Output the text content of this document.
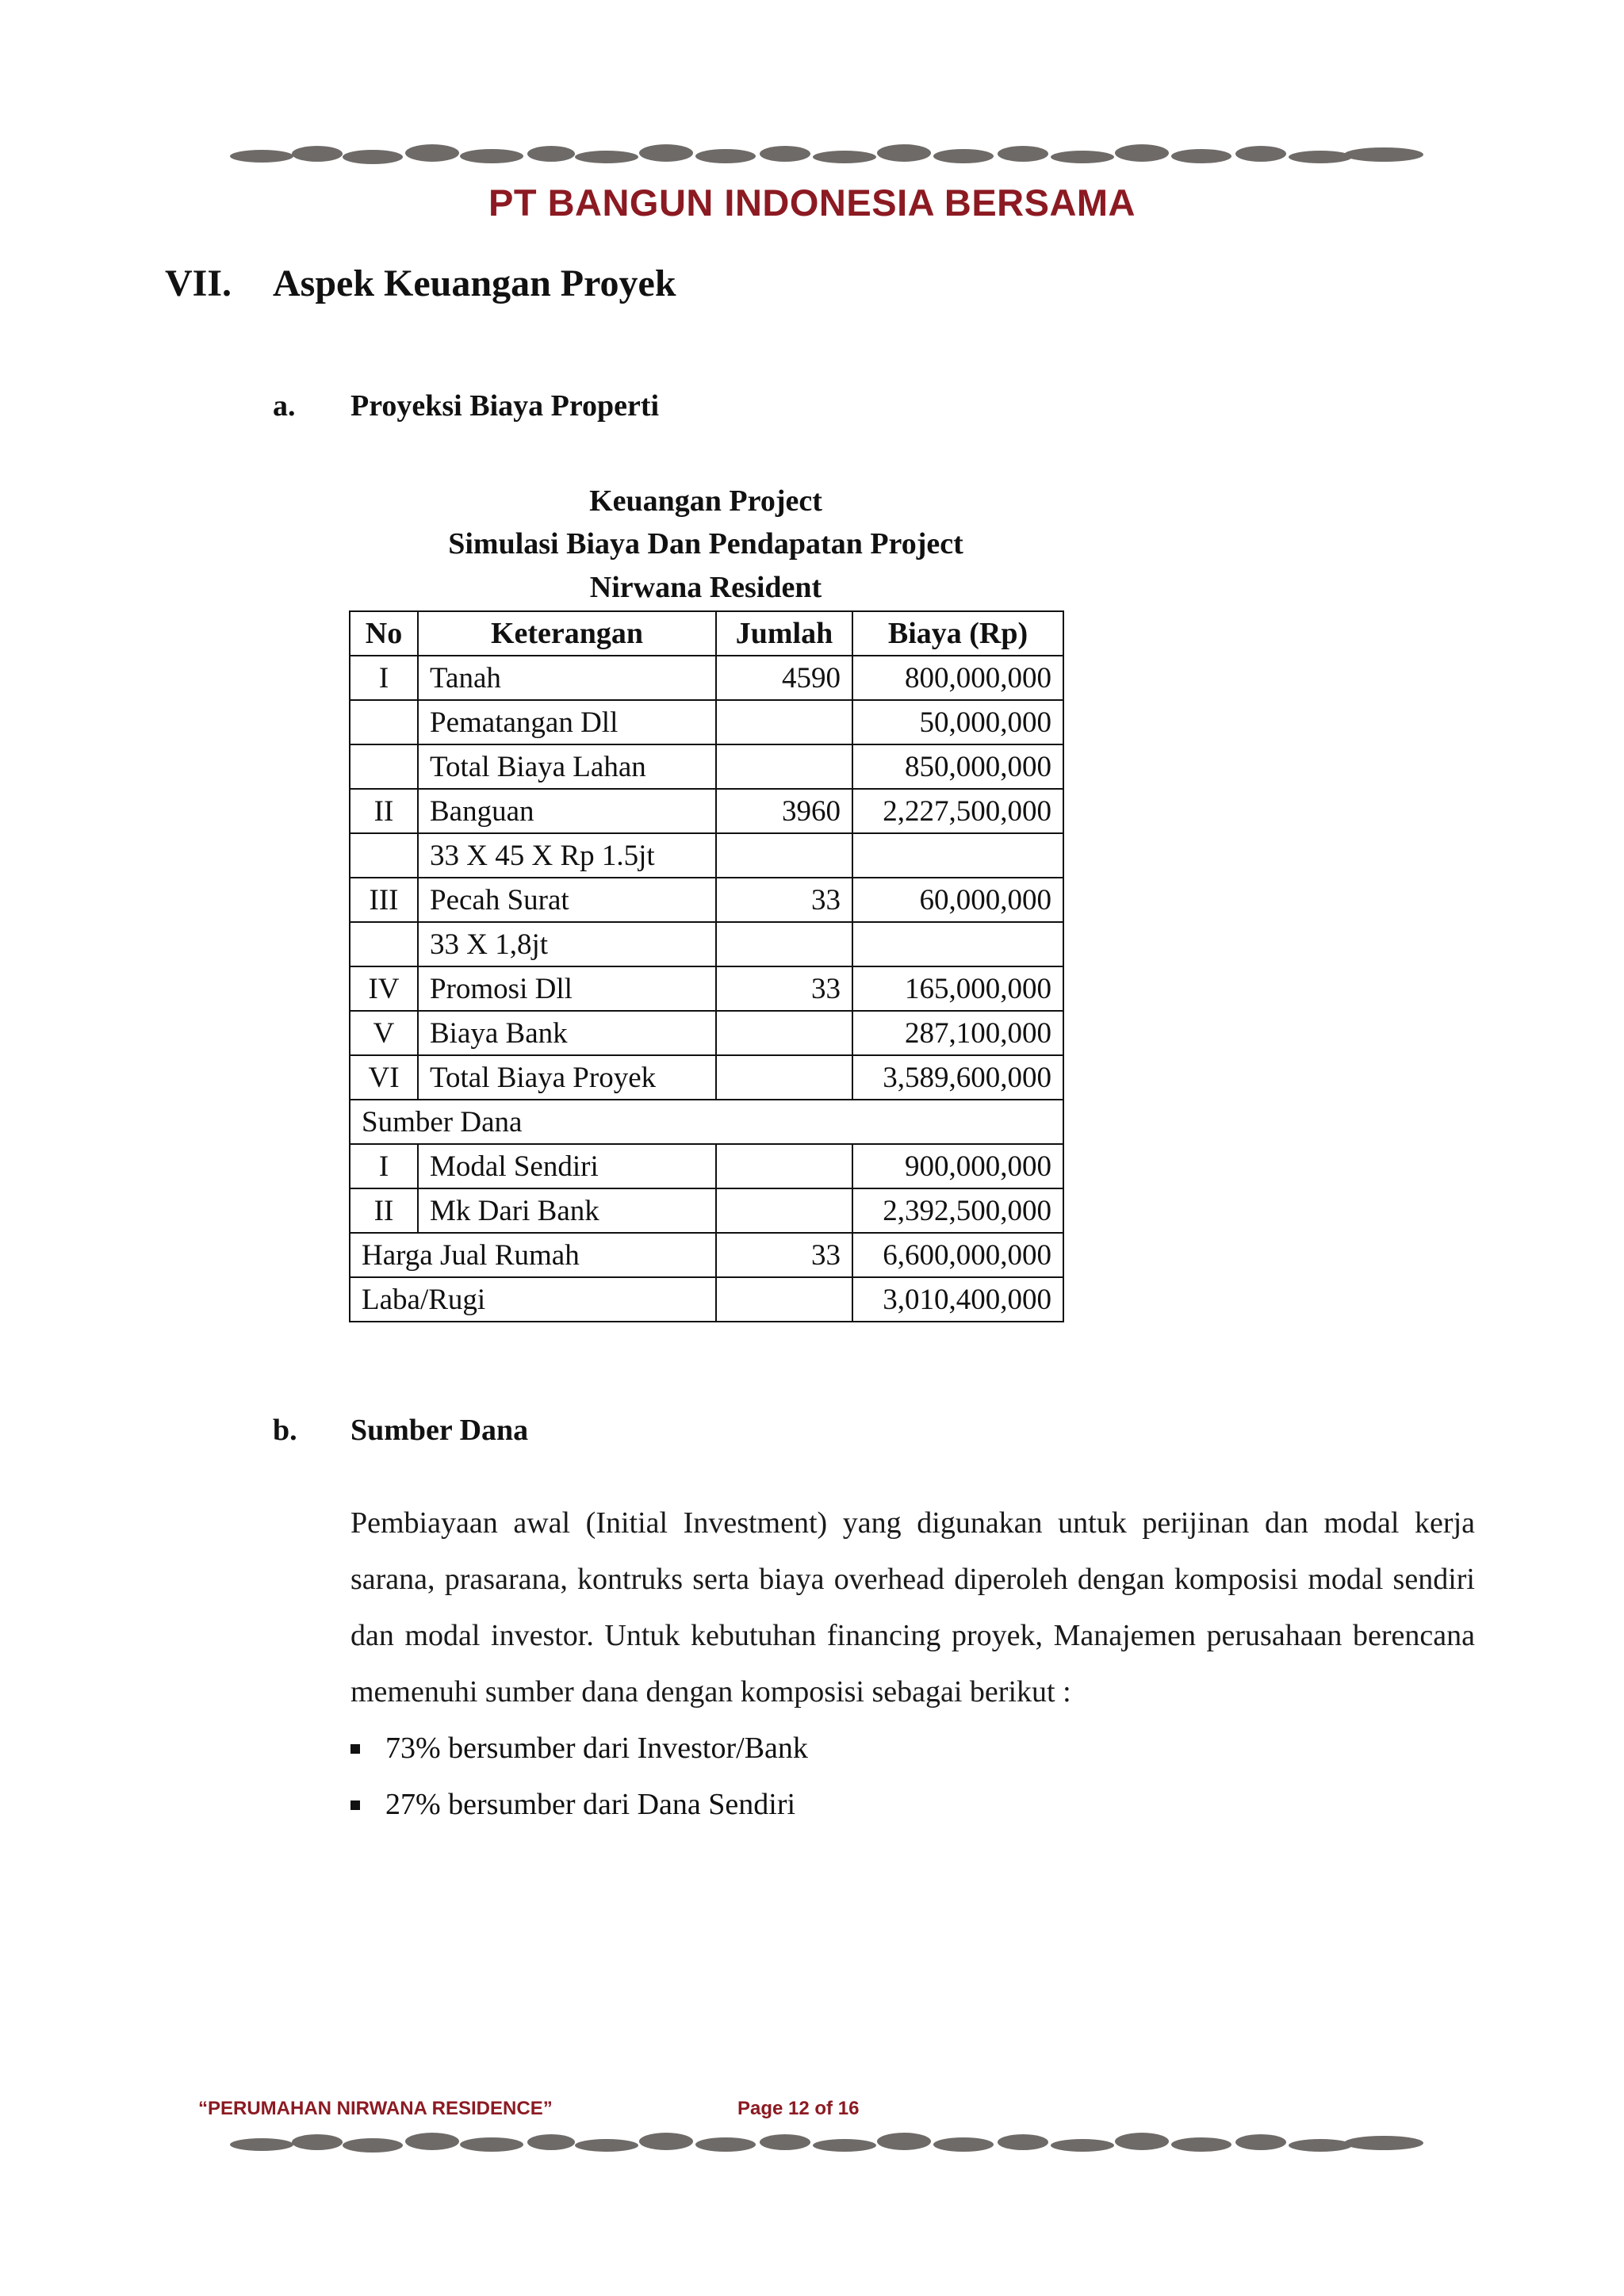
PT BANGUN INDONESIA BERSAMA
VII. Aspek Keuangan Proyek
a. Proyeksi Biaya Properti
Keuangan Project
Simulasi Biaya Dan Pendapatan Project
Nirwana Resident
No	Keterangan	Jumlah	Biaya (Rp)
I	Tanah	4590	800,000,000
	Pematangan Dll		50,000,000
	Total Biaya Lahan		850,000,000
II	Banguan	3960	2,227,500,000
	33 X 45 X Rp 1.5jt		
III	Pecah Surat	33	60,000,000
	33 X 1,8jt		
IV	Promosi Dll	33	165,000,000
V	Biaya Bank		287,100,000
VI	Total Biaya Proyek		3,589,600,000
Sumber Dana			
I	Modal Sendiri		900,000,000
II	Mk Dari Bank		2,392,500,000
Harga Jual Rumah		33	6,600,000,000
Laba/Rugi			3,010,400,000
b. Sumber Dana
Pembiayaan awal (Initial Investment) yang digunakan untuk perijinan dan modal kerja sarana, prasarana, kontruks serta biaya overhead diperoleh dengan komposisi modal sendiri dan modal investor. Untuk kebutuhan financing proyek, Manajemen perusahaan berencana memenuhi sumber dana dengan komposisi sebagai berikut :
73% bersumber dari Investor/Bank
27% bersumber dari Dana Sendiri
“PERUMAHAN NIRWANA RESIDENCE”	Page 12 of 16
